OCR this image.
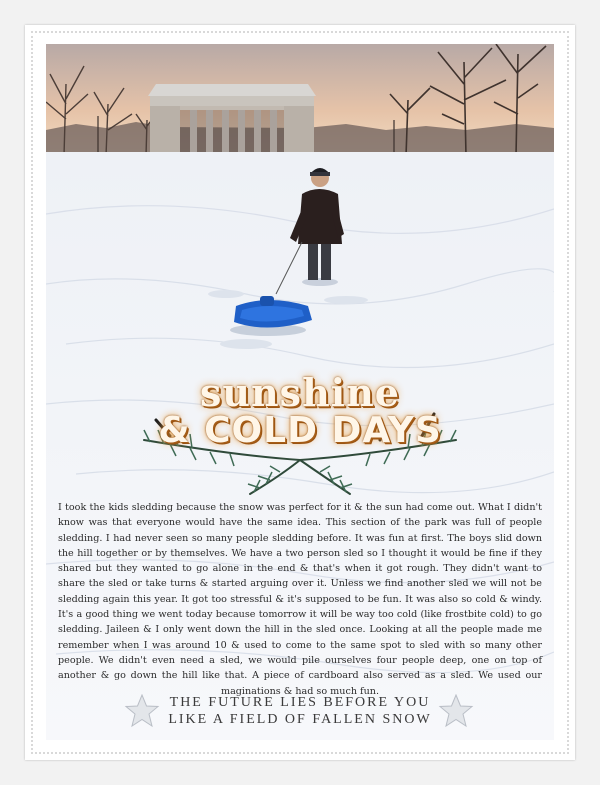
sunshine
& COLD DAYS
I took the kids sledding because the snow was perfect for it & the sun had come out. What I didn't know was that everyone would have the same idea. This section of the park was full of people sledding. I had never seen so many people sledding before. It was fun at first. The boys slid down the hill together or by themselves. We have a two person sled so I thought it would be fine if they shared but they wanted to go alone in the end & that's when it got rough. They didn't want to share the sled or take turns & started arguing over it. Unless we find another sled we will not be sledding again this year. It got too stressful & it's supposed to be fun. It was also so cold & windy. It's a good thing we went today because tomorrow it will be way too cold (like frostbite cold) to go sledding. Jaileen & I only went down the hill in the sled once. Looking at all the people made me remember when I was around 10 & used to come to the same spot to sled with so many other people. We didn't even need a sled, we would pile ourselves four people deep, one on top of another & go down the hill like that. A piece of cardboard also served as a sled. We used our maginations & had so much fun.
THE FUTURE LIES BEFORE YOU
LIKE A FIELD OF FALLEN SNOW
